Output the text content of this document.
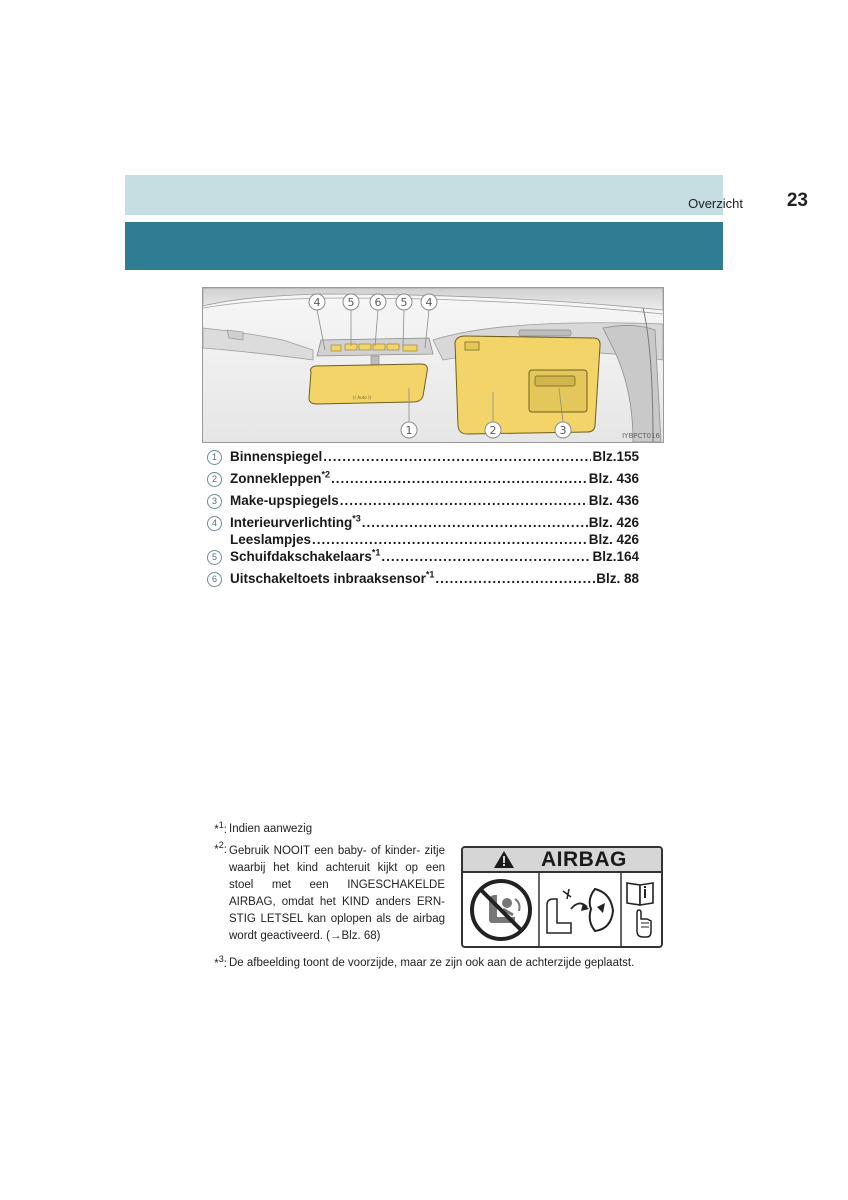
Overzicht 23
(( Auto ))
4 5 6 5 4
1	2	3	IYBPCT016
1 Binnenspiegel .....	Blz.155
2 Zonnekleppen$^{*2}$ .....	Blz. 436
3 Make-upspiegels .....	Blz. 436
4 Interieurverlichting$^{*3}$ .....	Blz. 426
Leeslampjes .....	Blz. 426
5 Schuifdakschakelaars$^{*1}$ .....	Blz.164
6 Uitschakeltoets inbraaksensor$^{*1}$ .....	Blz. 88
*$^1$: Indien aanwezig
*$^2$: Gebruik NOOIT een baby- of kinder- zitje waarbij het kind achteruit kijkt op een stoel met een INGESCHAKELDE AIRBAG, omdat het KIND anders ERN- STIG LETSEL kan oplopen als de airbag wordt geactiveerd. (→Blz. 68)
*$^3$: De afbeelding toont de voorzijde, maar ze zijn ook aan de achterzijde geplaatst.
AIRBAG
